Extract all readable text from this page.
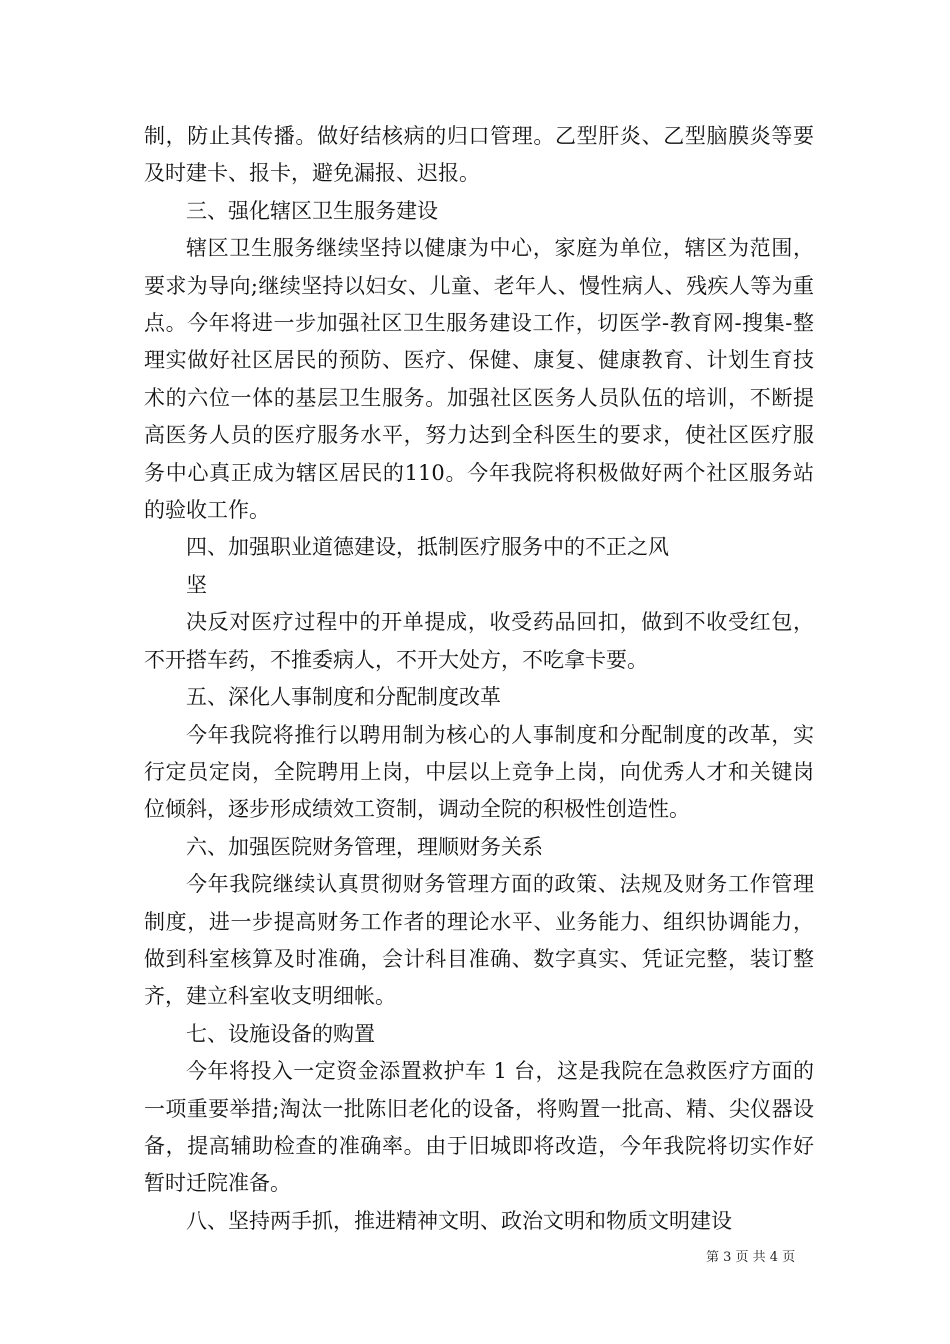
制，防止其传播。做好结核病的归口管理。乙型肝炎、乙型脑膜炎等要及时建卡、报卡，避免漏报、迟报。

三、强化辖区卫生服务建设

辖区卫生服务继续坚持以健康为中心，家庭为单位，辖区为范围，要求为导向;继续坚持以妇女、儿童、老年人、慢性病人、残疾人等为重点。今年将进一步加强社区卫生服务建设工作，切医学-教育网-搜集-整理实做好社区居民的预防、医疗、保健、康复、健康教育、计划生育技术的六位一体的基层卫生服务。加强社区医务人员队伍的培训，不断提高医务人员的医疗服务水平，努力达到全科医生的要求，使社区医疗服务中心真正成为辖区居民的110。今年我院将积极做好两个社区服务站的验收工作。

四、加强职业道德建设，抵制医疗服务中的不正之风

坚

决反对医疗过程中的开单提成，收受药品回扣，做到不收受红包，不开搭车药，不推委病人，不开大处方，不吃拿卡要。

五、深化人事制度和分配制度改革

今年我院将推行以聘用制为核心的人事制度和分配制度的改革，实行定员定岗，全院聘用上岗，中层以上竞争上岗，向优秀人才和关键岗位倾斜，逐步形成绩效工资制，调动全院的积极性创造性。

六、加强医院财务管理，理顺财务关系

今年我院继续认真贯彻财务管理方面的政策、法规及财务工作管理制度，进一步提高财务工作者的理论水平、业务能力、组织协调能力，做到科室核算及时准确，会计科目准确、数字真实、凭证完整，装订整齐，建立科室收支明细帐。

七、设施设备的购置

今年将投入一定资金添置救护车 1 台，这是我院在急救医疗方面的一项重要举措;淘汰一批陈旧老化的设备，将购置一批高、精、尖仪器设备，提高辅助检查的准确率。由于旧城即将改造，今年我院将切实作好暂时迁院准备。

八、坚持两手抓，推进精神文明、政治文明和物质文明建设

第 3 页 共 4 页
